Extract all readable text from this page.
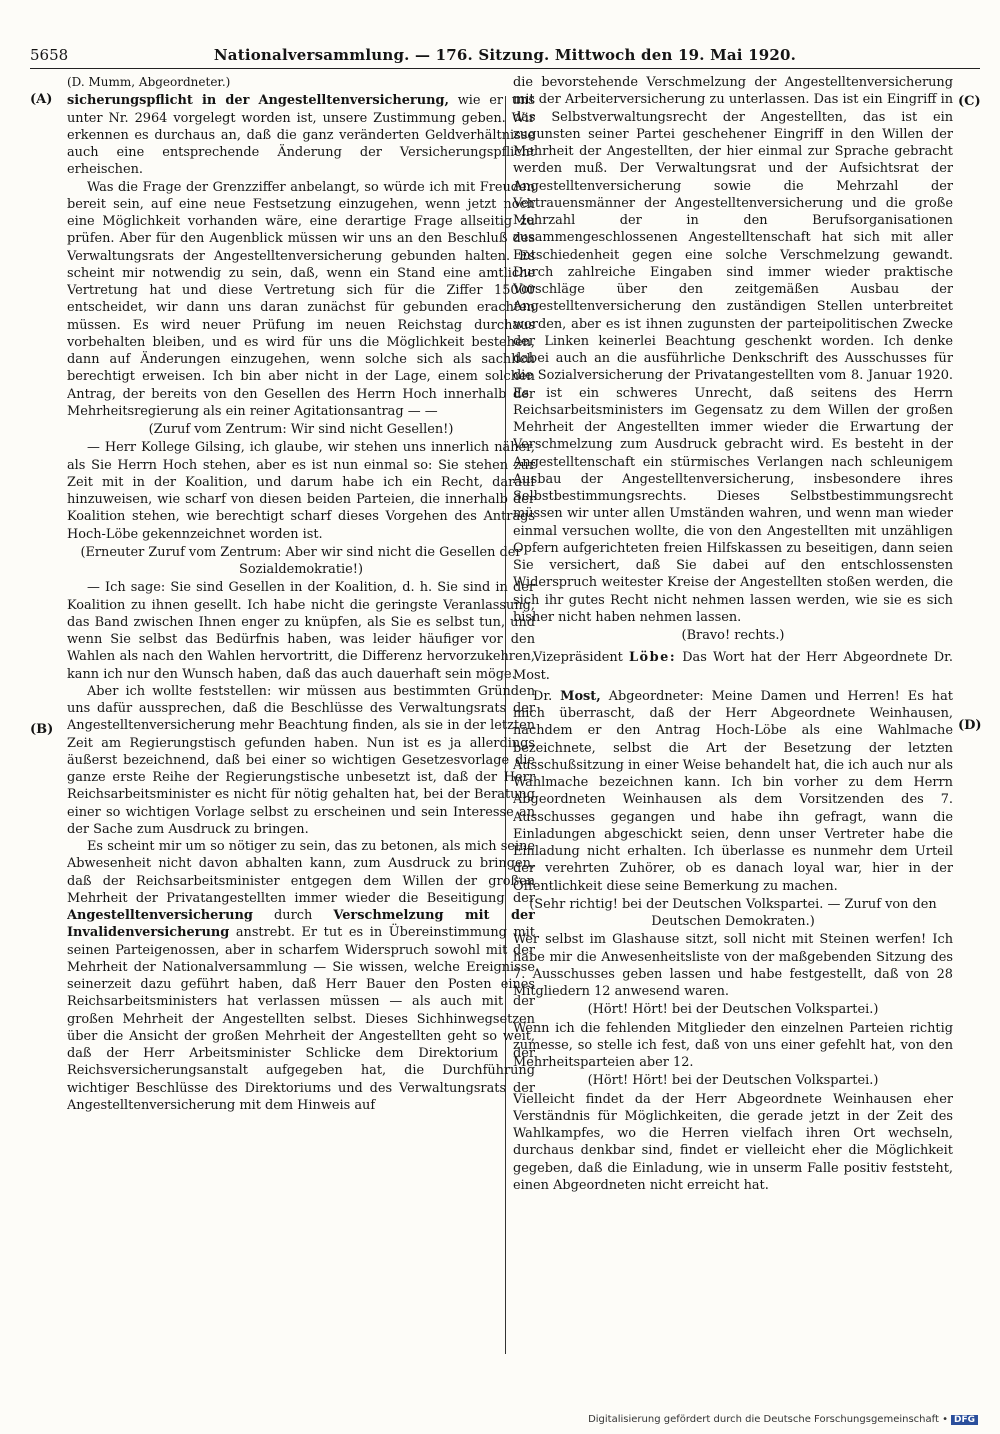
5658	Nationalversammlung. — 176. Sitzung. Mittwoch den 19. Mai 1920.
(A)
(B)
(C)
(D)

(D. Mumm, Abgeordneter.)

sicherungspflicht in der Angestelltenversicherung, wie er uns unter Nr. 2964 vorgelegt worden ist, unsere Zustimmung geben. Wir erkennen es durchaus an, daß die ganz veränderten Geldverhältnisse auch eine entsprechende Änderung der Versicherungspflicht erheischen.

Was die Frage der Grenzziffer anbelangt, so würde ich mit Freuden bereit sein, auf eine neue Festsetzung einzugehen, wenn jetzt noch eine Möglichkeit vorhanden wäre, eine derartige Frage allseitig zu prüfen. Aber für den Augenblick müssen wir uns an den Beschluß des Verwaltungsrats der Angestelltenversicherung gebunden halten. Es scheint mir notwendig zu sein, daß, wenn ein Stand eine amtliche Vertretung hat und diese Vertretung sich für die Ziffer 15000 entscheidet, wir dann uns daran zunächst für gebunden erachten müssen. Es wird neuer Prüfung im neuen Reichstag durchaus vorbehalten bleiben, und es wird für uns die Möglichkeit bestehen, dann auf Änderungen einzugehen, wenn solche sich als sachlich berechtigt erweisen. Ich bin aber nicht in der Lage, einem solchen Antrag, der bereits von den Gesellen des Herrn Hoch innerhalb der Mehrheitsregierung als ein reiner Agitationsantrag — —

(Zuruf vom Zentrum: Wir sind nicht Gesellen!)

— Herr Kollege Gilsing, ich glaube, wir stehen uns innerlich näher, als Sie Herrn Hoch stehen, aber es ist nun einmal so: Sie stehen zur Zeit mit in der Koalition, und darum habe ich ein Recht, darauf hinzuweisen, wie scharf von diesen beiden Parteien, die innerhalb der Koalition stehen, wie berechtigt scharf dieses Vorgehen des Antrags Hoch-Löbe gekennzeichnet worden ist.

(Erneuter Zuruf vom Zentrum: Aber wir sind nicht die Gesellen der Sozialdemokratie!)

— Ich sage: Sie sind Gesellen in der Koalition, d. h. Sie sind in der Koalition zu ihnen gesellt. Ich habe nicht die geringste Veranlassung, das Band zwischen Ihnen enger zu knüpfen, als Sie es selbst tun, und wenn Sie selbst das Bedürfnis haben, was leider häufiger vor den Wahlen als nach den Wahlen hervortritt, die Differenz hervorzukehren, kann ich nur den Wunsch haben, daß das auch dauerhaft sein möge.

Aber ich wollte feststellen: wir müssen aus bestimmten Gründen uns dafür aussprechen, daß die Beschlüsse des Verwaltungsrats der Angestelltenversicherung mehr Beachtung finden, als sie in der letzten Zeit am Regierungstisch gefunden haben. Nun ist es ja allerdings äußerst bezeichnend, daß bei einer so wichtigen Gesetzesvorlage die ganze erste Reihe der Regierungstische unbesetzt ist, daß der Herr Reichsarbeitsminister es nicht für nötig gehalten hat, bei der Beratung einer so wichtigen Vorlage selbst zu erscheinen und sein Interesse an der Sache zum Ausdruck zu bringen.

Es scheint mir um so nötiger zu sein, das zu betonen, als mich seine Abwesenheit nicht davon abhalten kann, zum Ausdruck zu bringen, daß der Reichsarbeitsminister entgegen dem Willen der großen Mehrheit der Privatangestellten immer wieder die Beseitigung der Angestelltenversicherung durch Verschmelzung mit der Invalidenversicherung anstrebt. Er tut es in Übereinstimmung mit seinen Parteigenossen, aber in scharfem Widerspruch sowohl mit der Mehrheit der Nationalversammlung — Sie wissen, welche Ereignisse seinerzeit dazu geführt haben, daß Herr Bauer den Posten eines Reichsarbeitsministers hat verlassen müssen — als auch mit der großen Mehrheit der Angestellten selbst. Dieses Sichhinwegsetzen über die Ansicht der großen Mehrheit der Angestellten geht so weit, daß der Herr Arbeitsminister Schlicke dem Direktorium der Reichsversicherungsanstalt aufgegeben hat, die Durchführung wichtiger Beschlüsse des Direktoriums und des Verwaltungsrats der Angestelltenversicherung mit dem Hinweis auf

die bevorstehende Verschmelzung der Angestelltenversicherung mit der Arbeiterversicherung zu unterlassen. Das ist ein Eingriff in das Selbstverwaltungsrecht der Angestellten, das ist ein zugunsten seiner Partei geschehener Eingriff in den Willen der Mehrheit der Angestellten, der hier einmal zur Sprache gebracht werden muß. Der Verwaltungsrat und der Aufsichtsrat der Angestelltenversicherung sowie die Mehrzahl der Vertrauensmänner der Angestelltenversicherung und die große Mehrzahl der in den Berufsorganisationen zusammengeschlossenen Angestelltenschaft hat sich mit aller Entschiedenheit gegen eine solche Verschmelzung gewandt. Durch zahlreiche Eingaben sind immer wieder praktische Vorschläge über den zeitgemäßen Ausbau der Angestelltenversicherung den zuständigen Stellen unterbreitet worden, aber es ist ihnen zugunsten der parteipolitischen Zwecke der Linken keinerlei Beachtung geschenkt worden. Ich denke dabei auch an die ausführliche Denkschrift des Ausschusses für die Sozialversicherung der Privatangestellten vom 8. Januar 1920. Es ist ein schweres Unrecht, daß seitens des Herrn Reichsarbeitsministers im Gegensatz zu dem Willen der großen Mehrheit der Angestellten immer wieder die Erwartung der Verschmelzung zum Ausdruck gebracht wird. Es besteht in der Angestelltenschaft ein stürmisches Verlangen nach schleunigem Ausbau der Angestelltenversicherung, insbesondere ihres Selbstbestimmungsrechts. Dieses Selbstbestimmungsrecht müssen wir unter allen Umständen wahren, und wenn man wieder einmal versuchen wollte, die von den Angestellten mit unzähligen Opfern aufgerichteten freien Hilfskassen zu beseitigen, dann seien Sie versichert, daß Sie dabei auf den entschlossensten Widerspruch weitester Kreise der Angestellten stoßen werden, die sich ihr gutes Recht nicht nehmen lassen werden, wie sie es sich bisher nicht haben nehmen lassen.

(Bravo! rechts.)

Vizepräsident Löbe: Das Wort hat der Herr Abgeordnete Dr. Most.

Dr. Most, Abgeordneter: Meine Damen und Herren! Es hat mich überrascht, daß der Herr Abgeordnete Weinhausen, nachdem er den Antrag Hoch-Löbe als eine Wahlmache bezeichnete, selbst die Art der Besetzung der letzten Ausschußsitzung in einer Weise behandelt hat, die ich auch nur als Wahlmache bezeichnen kann. Ich bin vorher zu dem Herrn Abgeordneten Weinhausen als dem Vorsitzenden des 7. Ausschusses gegangen und habe ihn gefragt, wann die Einladungen abgeschickt seien, denn unser Vertreter habe die Einladung nicht erhalten. Ich überlasse es nunmehr dem Urteil der verehrten Zuhörer, ob es danach loyal war, hier in der Öffentlichkeit diese seine Bemerkung zu machen.

(Sehr richtig! bei der Deutschen Volkspartei. — Zuruf von den Deutschen Demokraten.)

Wer selbst im Glashause sitzt, soll nicht mit Steinen werfen! Ich habe mir die Anwesenheitsliste von der maßgebenden Sitzung des 7. Ausschusses geben lassen und habe festgestellt, daß von 28 Mitgliedern 12 anwesend waren.

(Hört! Hört! bei der Deutschen Volkspartei.)

Wenn ich die fehlenden Mitglieder den einzelnen Parteien richtig zumesse, so stelle ich fest, daß von uns einer gefehlt hat, von den Mehrheitsparteien aber 12.

(Hört! Hört! bei der Deutschen Volkspartei.)

Vielleicht findet da der Herr Abgeordnete Weinhausen eher Verständnis für Möglichkeiten, die gerade jetzt in der Zeit des Wahlkampfes, wo die Herren vielfach ihren Ort wechseln, durchaus denkbar sind, findet er vielleicht eher die Möglichkeit gegeben, daß die Einladung, wie in unserm Falle positiv feststeht, einen Abgeordneten nicht erreicht hat.

Digitalisierung gefördert durch die Deutsche Forschungsgemeinschaft • DFG
